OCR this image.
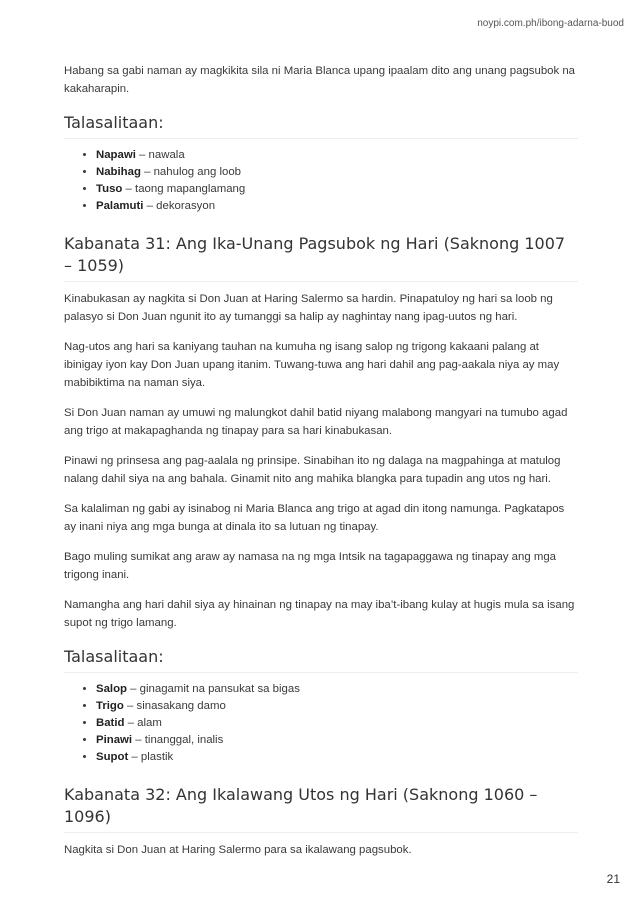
noypi.com.ph/ibong-adarna-buod

Habang sa gabi naman ay magkikita sila ni Maria Blanca upang ipaalam dito ang unang pagsubok na kakaharapin.

Talasalitaan:
• Napawi – nawala
• Nabihag – nahulog ang loob
• Tuso – taong mapanglamang
• Palamuti – dekorasyon
Kabanata 31: Ang Ika-Unang Pagsubok ng Hari (Saknong 1007 – 1059)

Kinabukasan ay nagkita si Don Juan at Haring Salermo sa hardin. Pinapatuloy ng hari sa loob ng palasyo si Don Juan ngunit ito ay tumanggi sa halip ay naghintay nang ipag-uutos ng hari.

Nag-utos ang hari sa kaniyang tauhan na kumuha ng isang salop ng trigong kakaani palang at ibinigay iyon kay Don Juan upang itanim. Tuwang-tuwa ang hari dahil ang pag-aakala niya ay may mabibiktima na naman siya.

Si Don Juan naman ay umuwi ng malungkot dahil batid niyang malabong mangyari na tumubo agad ang trigo at makapaghanda ng tinapay para sa hari kinabukasan.

Pinawi ng prinsesa ang pag-aalala ng prinsipe. Sinabihan ito ng dalaga na magpahinga at matulog nalang dahil siya na ang bahala. Ginamit nito ang mahika blangka para tupadin ang utos ng hari.

Sa kalaliman ng gabi ay isinabog ni Maria Blanca ang trigo at agad din itong namunga. Pagkatapos ay inani niya ang mga bunga at dinala ito sa lutuan ng tinapay.

Bago muling sumikat ang araw ay namasa na ng mga Intsik na tagapaggawa ng tinapay ang mga trigong inani.

Namangha ang hari dahil siya ay hinainan ng tinapay na may iba’t-ibang kulay at hugis mula sa isang supot ng trigo lamang.

Talasalitaan:
• Salop – ginagamit na pansukat sa bigas
• Trigo – sinasakang damo
• Batid – alam
• Pinawi – tinanggal, inalis
• Supot – plastik
Kabanata 32: Ang Ikalawang Utos ng Hari (Saknong 1060 – 1096)

Nagkita si Don Juan at Haring Salermo para sa ikalawang pagsubok.

21
